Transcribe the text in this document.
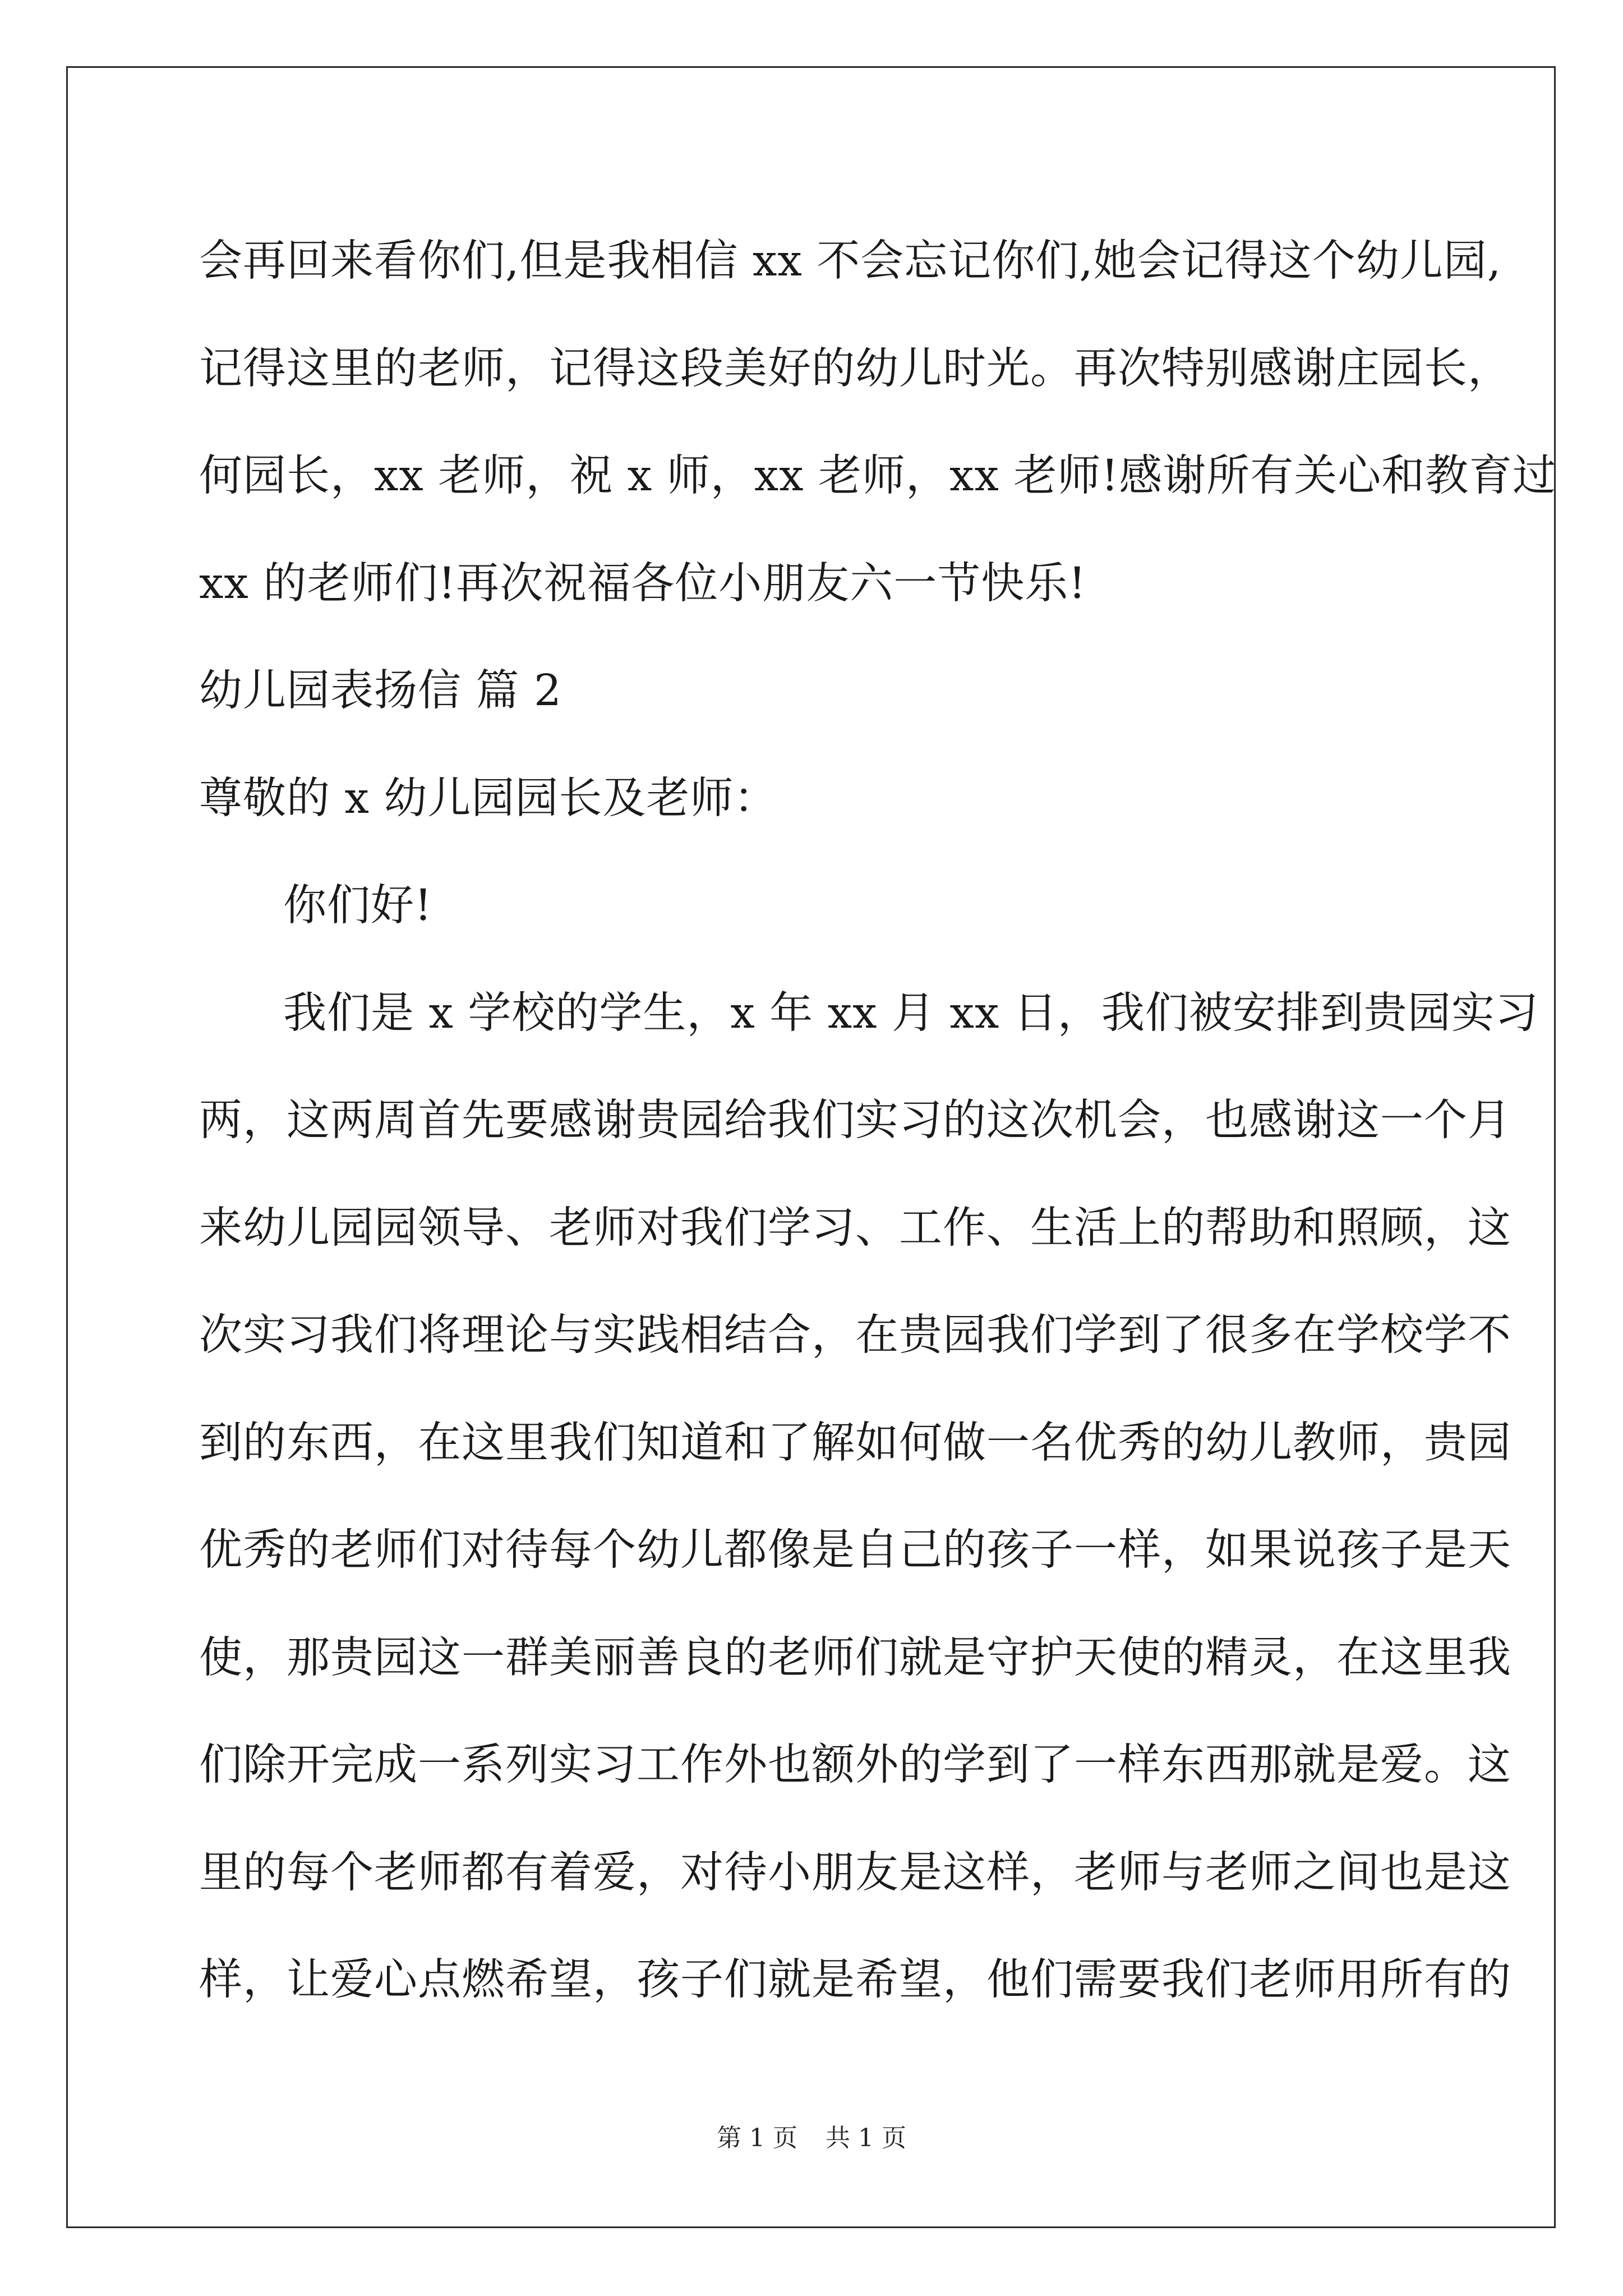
会再回来看你们,但是我相信 xx 不会忘记你们,她会记得这个幼儿园,
记得这里的老师，记得这段美好的幼儿时光。再次特别感谢庄园长，
何园长，xx 老师，祝 x 师，xx 老师，xx 老师!感谢所有关心和教育过
xx 的老师们!再次祝福各位小朋友六一节快乐!
幼儿园表扬信 篇 2
尊敬的 x 幼儿园园长及老师：
你们好!
我们是 x 学校的学生，x 年 xx 月 xx 日，我们被安排到贵园实习
两，这两周首先要感谢贵园给我们实习的这次机会，也感谢这一个月
来幼儿园园领导、老师对我们学习、工作、生活上的帮助和照顾，这
次实习我们将理论与实践相结合，在贵园我们学到了很多在学校学不
到的东西，在这里我们知道和了解如何做一名优秀的幼儿教师，贵园
优秀的老师们对待每个幼儿都像是自己的孩子一样，如果说孩子是天
使，那贵园这一群美丽善良的老师们就是守护天使的精灵，在这里我
们除开完成一系列实习工作外也额外的学到了一样东西那就是爱。这
里的每个老师都有着爱，对待小朋友是这样，老师与老师之间也是这
样，让爱心点燃希望，孩子们就是希望，他们需要我们老师用所有的
第 1 页 共 1 页
